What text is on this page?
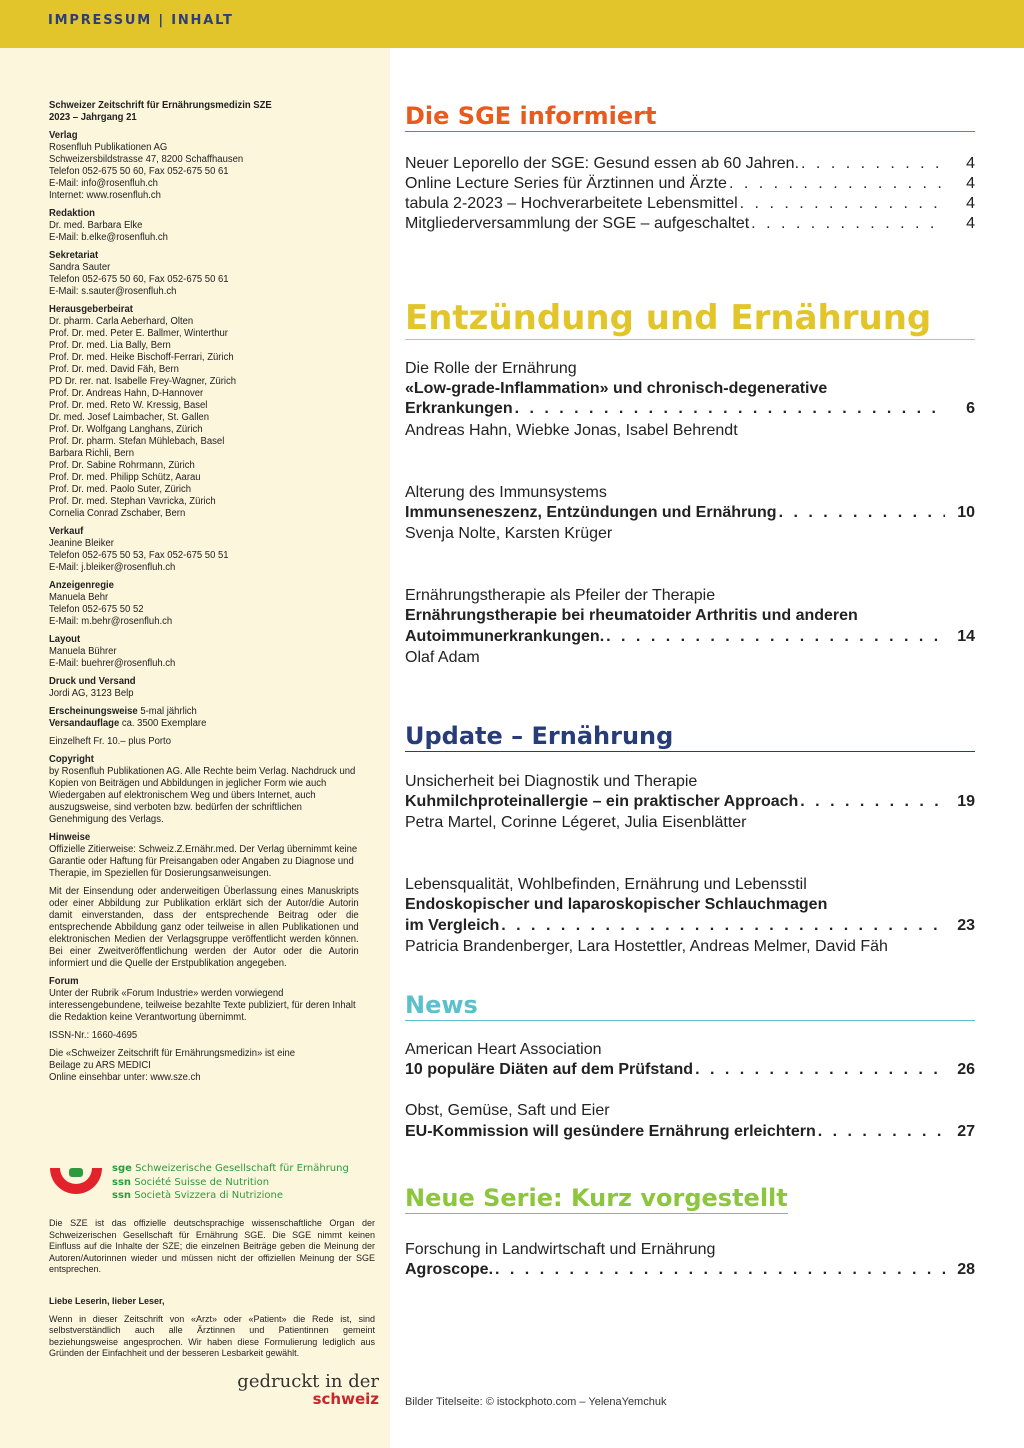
IMPRESSUM | INHALT
Schweizer Zeitschrift für Ernährungsmedizin SZE
2023 – Jahrgang 21
Verlag
Rosenfluh Publikationen AG
Schweizersbildstrasse 47, 8200 Schaffhausen
Telefon 052-675 50 60, Fax 052-675 50 61
E-Mail: info@rosenfluh.ch
Internet: www.rosenfluh.ch
Redaktion
Dr. med. Barbara Elke
E-Mail: b.elke@rosenfluh.ch
Sekretariat
Sandra Sauter
Telefon 052-675 50 60, Fax 052-675 50 61
E-Mail: s.sauter@rosenfluh.ch
Herausgeberbeirat
Dr. pharm. Carla Aeberhard, Olten
Prof. Dr. med. Peter E. Ballmer, Winterthur
Prof. Dr. med. Lia Bally, Bern
Prof. Dr. med. Heike Bischoff-Ferrari, Zürich
Prof. Dr. med. David Fäh, Bern
PD Dr. rer. nat. Isabelle Frey-Wagner, Zürich
Prof. Dr. Andreas Hahn, D-Hannover
Prof. Dr. med. Reto W. Kressig, Basel
Dr. med. Josef Laimbacher, St. Gallen
Prof. Dr. Wolfgang Langhans, Zürich
Prof. Dr. pharm. Stefan Mühlebach, Basel
Barbara Richli, Bern
Prof. Dr. Sabine Rohrmann, Zürich
Prof. Dr. med. Philipp Schütz, Aarau
Prof. Dr. med. Paolo Suter, Zürich
Prof. Dr. med. Stephan Vavricka, Zürich
Cornelia Conrad Zschaber, Bern
Verkauf
Jeanine Bleiker
Telefon 052-675 50 53, Fax 052-675 50 51
E-Mail: j.bleiker@rosenfluh.ch
Anzeigenregie
Manuela Behr
Telefon 052-675 50 52
E-Mail: m.behr@rosenfluh.ch
Layout
Manuela Bührer
E-Mail: buehrer@rosenfluh.ch
Druck und Versand
Jordi AG, 3123 Belp
Erscheinungsweise 5-mal jährlich
Versandauflage ca. 3500 Exemplare
Einzelheft Fr. 10.– plus Porto
Copyright
by Rosenfluh Publikationen AG. Alle Rechte beim Verlag. Nachdruck und Kopien von Beiträgen und Abbildungen in jeglicher Form wie auch Wiedergaben auf elektronischem Weg und übers Internet, auch auszugsweise, sind verboten bzw. bedürfen der schriftlichen Genehmigung des Verlags.
Hinweise
Offizielle Zitierweise: Schweiz.Z.Ernähr.med. Der Verlag übernimmt keine Garantie oder Haftung für Preisangaben oder Angaben zu Diagnose und Therapie, im Speziellen für Dosierungsanweisungen.
Mit der Einsendung oder anderweitigen Überlassung eines Manuskripts oder einer Abbildung zur Publikation erklärt sich der Autor/die Autorin damit einverstanden, dass der entsprechende Beitrag oder die entsprechende Abbildung ganz oder teilweise in allen Publikationen und elektronischen Medien der Verlagsgruppe veröffentlicht werden können. Bei einer Zweitveröffentlichung werden der Autor oder die Autorin informiert und die Quelle der Erstpublikation angegeben.
Forum
Unter der Rubrik «Forum Industrie» werden vorwiegend interessengebundene, teilweise bezahlte Texte publiziert, für deren Inhalt die Redaktion keine Verantwortung übernimmt.
ISSN-Nr.: 1660-4695
Die «Schweizer Zeitschrift für Ernährungsmedizin» ist eine
Beilage zu ARS MEDICI
Online einsehbar unter: www.sze.ch
sge Schweizerische Gesellschaft für Ernährung
ssn Société Suisse de Nutrition
ssn Società Svizzera di Nutrizione
Die SZE ist das offizielle deutschsprachige wissenschaftliche Organ der Schweizerischen Gesellschaft für Ernährung SGE. Die SGE nimmt keinen Einfluss auf die Inhalte der SZE; die einzelnen Beiträge geben die Meinung der Autoren/Autorinnen wieder und müssen nicht der offiziellen Meinung der SGE entsprechen.
Liebe Leserin, lieber Leser,
Wenn in dieser Zeitschrift von «Arzt» oder «Patient» die Rede ist, sind selbstverständlich auch alle Ärztinnen und Patientinnen gemeint beziehungsweise angesprochen. Wir haben diese Formulierung lediglich aus Gründen der Einfachheit und der besseren Lesbarkeit gewählt.
gedruckt in der
schweiz
Die SGE informiert
Neuer Leporello der SGE: Gesund essen ab 60 Jahren. . . .	4
Online Lecture Series für Ärztinnen und Ärzte . . .	4
tabula 2-2023 – Hochverarbeitete Lebensmittel . . .	4
Mitgliederversammlung der SGE – aufgeschaltet . . .	4
Entzündung und Ernährung
Die Rolle der Ernährung
«Low-grade-Inflammation» und chronisch-degenerative
Erkrankungen . . .	6
Andreas Hahn, Wiebke Jonas, Isabel Behrendt
Alterung des Immunsystems
Immunseneszenz, Entzündungen und Ernährung . . .	10
Svenja Nolte, Karsten Krüger
Ernährungstherapie als Pfeiler der Therapie
Ernährungstherapie bei rheumatoider Arthritis und anderen
Autoimmunerkrankungen. . . .	14
Olaf Adam
Update – Ernährung
Unsicherheit bei Diagnostik und Therapie
Kuhmilchproteinallergie – ein praktischer Approach . . .	19
Petra Martel, Corinne Légeret, Julia Eisenblätter
Lebensqualität, Wohlbefinden, Ernährung und Lebensstil
Endoskopischer und laparoskopischer Schlauchmagen
im Vergleich . . .	23
Patricia Brandenberger, Lara Hostettler, Andreas Melmer, David Fäh
News
American Heart Association
10 populäre Diäten auf dem Prüfstand . . .	26
Obst, Gemüse, Saft und Eier
EU-Kommission will gesündere Ernährung erleichtern . . .	27
Neue Serie: Kurz vorgestellt
Forschung in Landwirtschaft und Ernährung
Agroscope. . . .	28
Bilder Titelseite: © istockphoto.com – YelenaYemchuk
